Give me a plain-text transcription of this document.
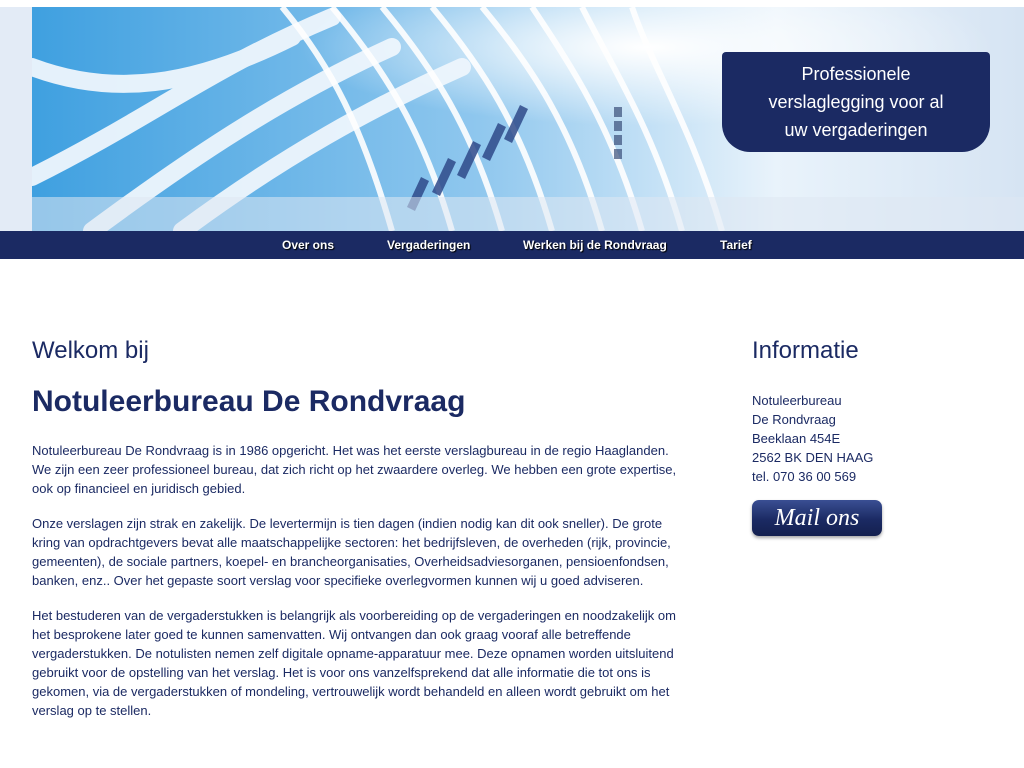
Professionele
verslaglegging voor al
uw vergaderingen
Over ons	Vergaderingen	Werken bij de Rondvraag	Tarief
Welkom bij
Notuleerbureau De Rondvraag

Notuleerbureau De Rondvraag is in 1986 opgericht. Het was het eerste verslagbureau in de regio Haaglanden. We zijn een zeer professioneel bureau, dat zich richt op het zwaardere overleg. We hebben een grote expertise, ook op financieel en juridisch gebied.

Onze verslagen zijn strak en zakelijk. De levertermijn is tien dagen (indien nodig kan dit ook sneller). De grote kring van opdrachtgevers bevat alle maatschappelijke sectoren: het bedrijfsleven, de overheden (rijk, provincie, gemeenten), de sociale partners, koepel- en brancheorganisaties, Overheidsadviesorganen, pensioenfondsen, banken, enz.. Over het gepaste soort verslag voor specifieke overlegvormen kunnen wij u goed adviseren.

Het bestuderen van de vergaderstukken is belangrijk als voorbereiding op de vergaderingen en noodzakelijk om het besprokene later goed te kunnen samenvatten. Wij ontvangen dan ook graag vooraf alle betreffende vergaderstukken. De notulisten nemen zelf digitale opname-apparatuur mee. Deze opnamen worden uitsluitend gebruikt voor de opstelling van het verslag. Het is voor ons vanzelfsprekend dat alle informatie die tot ons is gekomen, via de vergaderstukken of mondeling, vertrouwelijk wordt behandeld en alleen wordt gebruikt om het verslag op te stellen.

Informatie
Notuleerbureau
De Rondvraag
Beeklaan 454E
2562 BK DEN HAAG
tel. 070 36 00 569
Mail ons
